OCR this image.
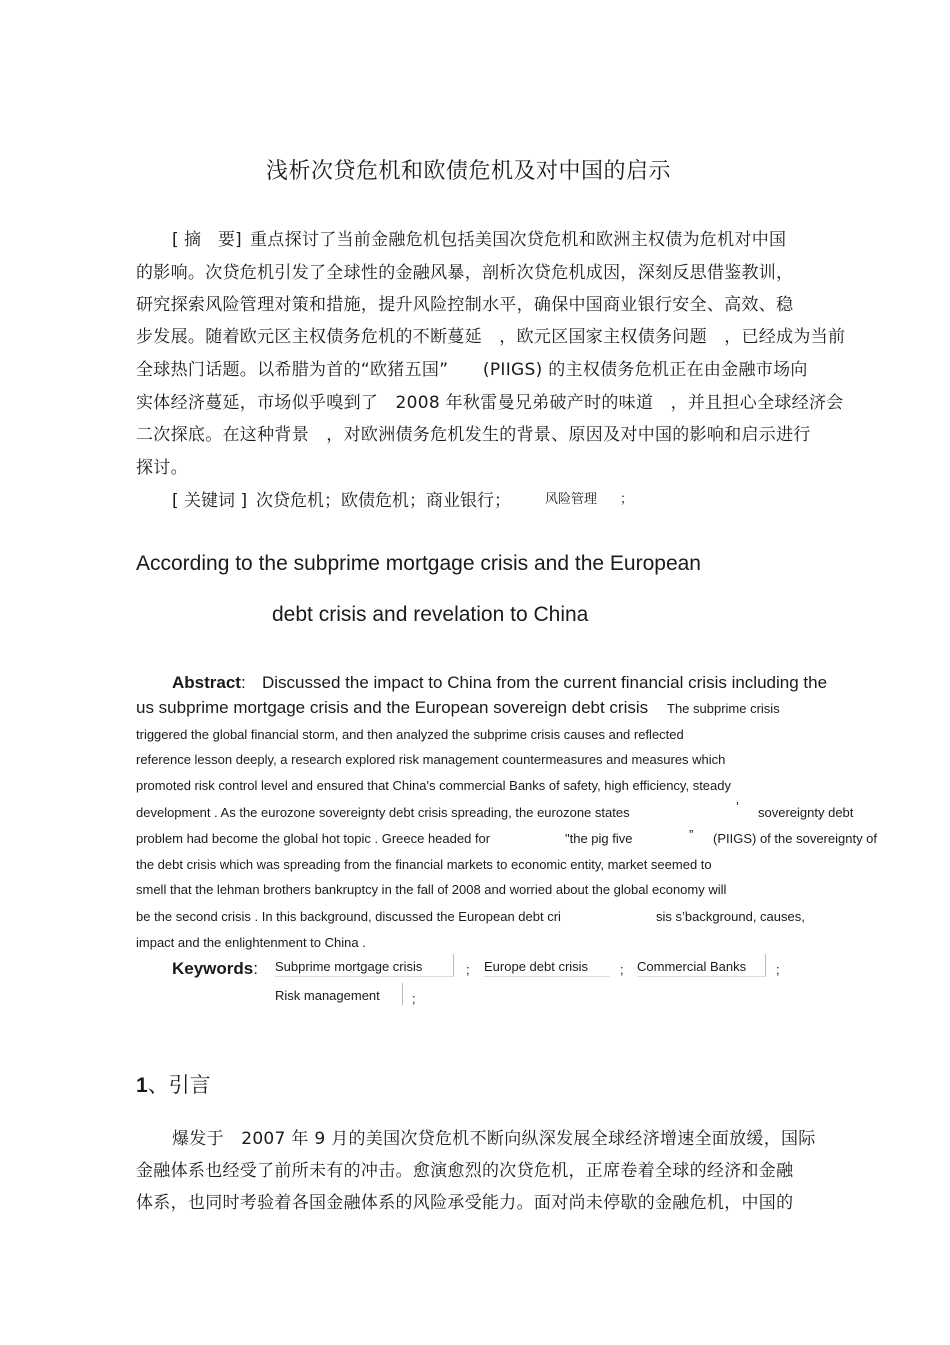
浅析次贷危机和欧债危机及对中国的启示
[ 摘　要] 重点探讨了当前金融危机包括美国次贷危机和欧洲主权债为危机对中国
的影响。次贷危机引发了全球性的金融风暴，剖析次贷危机成因，深刻反思借鉴教训，
研究探索风险管理对策和措施，提升风险控制水平，确保中国商业银行安全、高效、稳
步发展。随着欧元区主权债务危机的不断蔓延　，欧元区国家主权债务问题　，已经成为当前
全球热门话题。以希腊为首的“欧猪五国”　　(PIIGS) 的主权债务危机正在由金融市场向
实体经济蔓延，市场似乎嗅到了　2008 年秋雷曼兄弟破产时的味道　，并且担心全球经济会
二次探底。在这种背景　，对欧洲债务危机发生的背景、原因及对中国的影响和启示进行
探讨。
[ 关键词 ] 次贷危机；欧债危机；商业银行；	风险管理 ；
According to the subprime mortgage crisis and the European
debt crisis and revelation to China
Abstract: Discussed the impact to China from the current financial crisis including the
us subprime mortgage crisis and the European sovereign debt crisis The subprime crisis
triggered the global financial storm, and then analyzed the subprime crisis causes and reflected
reference lesson deeply, a research explored risk management countermeasures and measures which
promoted risk control level and ensured that China's commercial Banks of safety, high efficiency, steady
development . As the eurozone sovereignty debt crisis spreading, the eurozone states	’ sovereignty debt
problem had become the global hot topic . Greece headed for	"the pig five	” (PIIGS) of the sovereignty of
the debt crisis which was spreading from the financial markets to economic entity, market seemed to
smell that the lehman brothers bankruptcy in the fall of 2008 and worried about the global economy will
be the second crisis . In this background, discussed the European debt cri	sis s’background, causes,
impact and the enlightenment to China .
Keywords: Subprime mortgage crisis	; Europe debt crisis	; Commercial Banks	;
Risk management	;
1、引言
爆发于　2007 年 9 月的美国次贷危机不断向纵深发展全球经济增速全面放缓，国际
金融体系也经受了前所未有的冲击。愈演愈烈的次贷危机，正席卷着全球的经济和金融
体系，也同时考验着各国金融体系的风险承受能力。面对尚未停歇的金融危机，中国的
